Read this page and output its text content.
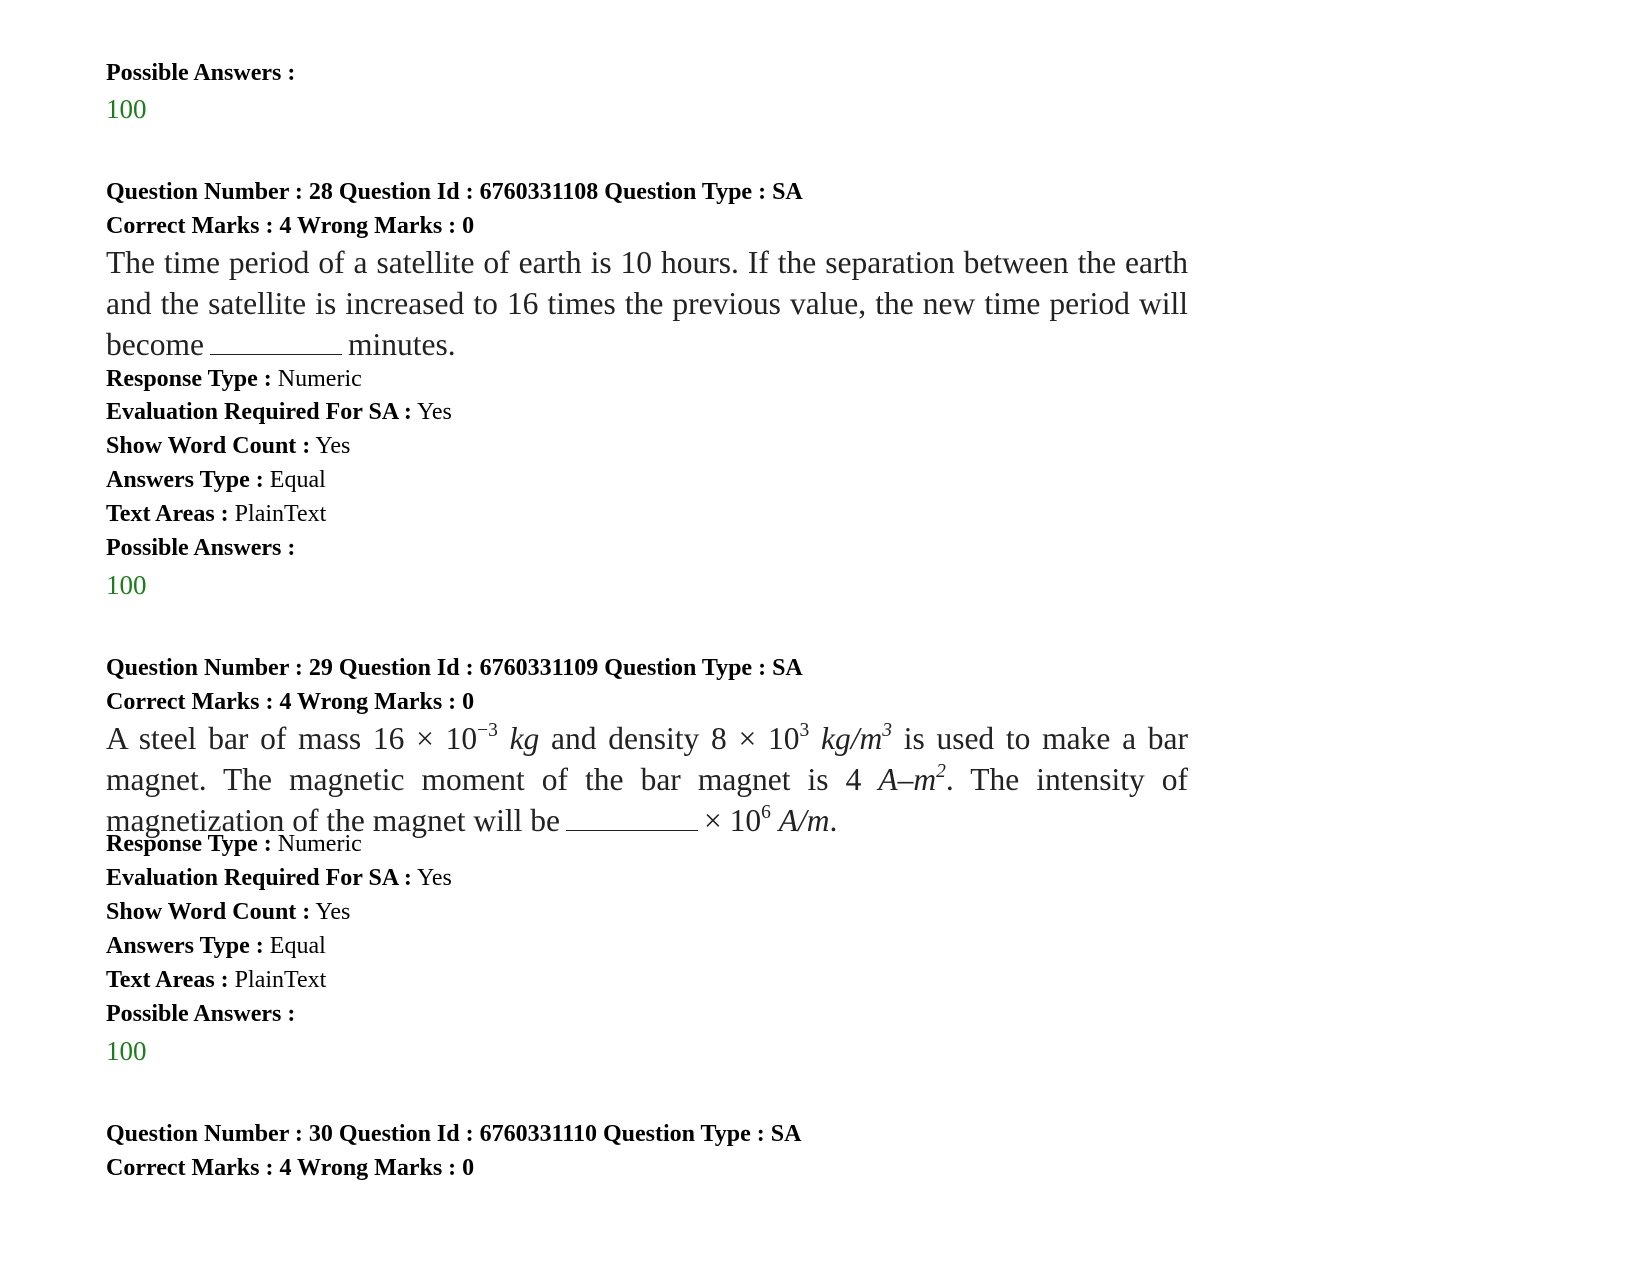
Possible Answers :
100
Question Number : 28 Question Id : 6760331108 Question Type : SA
Correct Marks : 4 Wrong Marks : 0
The time period of a satellite of earth is 10 hours. If the separation between the earth and the satellite is increased to 16 times the previous value, the new time period will become	minutes.
Response Type : Numeric
Evaluation Required For SA : Yes
Show Word Count : Yes
Answers Type : Equal
Text Areas : PlainText
Possible Answers :
100
Question Number : 29 Question Id : 6760331109 Question Type : SA
Correct Marks : 4 Wrong Marks : 0
A steel bar of mass $16 \times 10^{-3}$ kg and density $8 \times 10^3$ $kg/m^3$ is used to make a bar magnet. The magnetic moment of the bar magnet is 4 $A-m^2$. The intensity of magnetization of the magnet will be	× $10^6$ A/m.
Response Type : Numeric
Evaluation Required For SA : Yes
Show Word Count : Yes
Answers Type : Equal
Text Areas : PlainText
Possible Answers :
100
Question Number : 30 Question Id : 6760331110 Question Type : SA
Correct Marks : 4 Wrong Marks : 0
